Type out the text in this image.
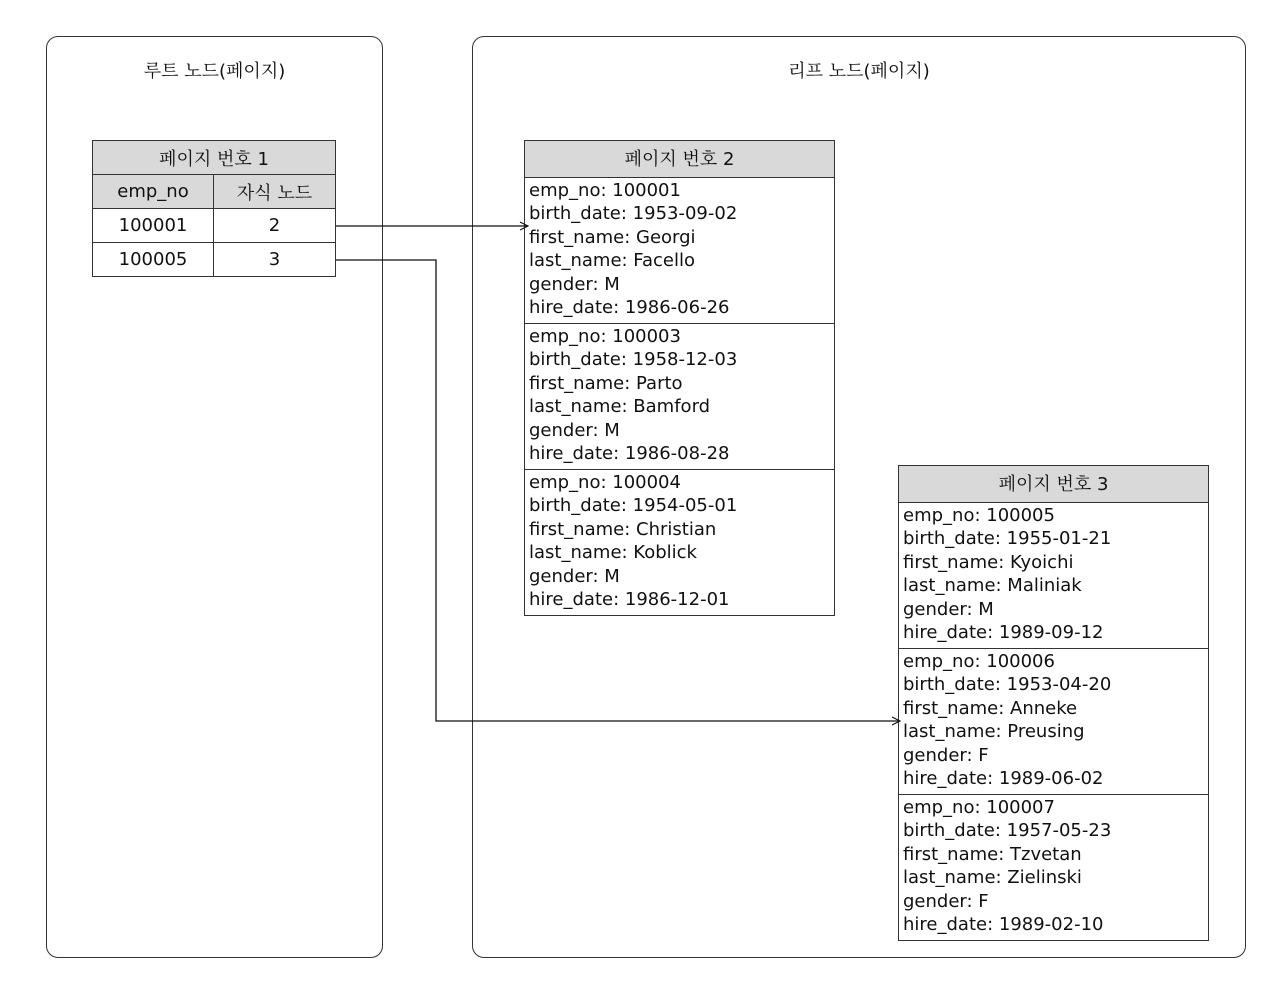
루트 노드(페이지)	리프 노드(페이지)
페이지 번호 1	
emp_no	자식 노드
100001	2
100005	3
페이지 번호 2
emp_no: 100001
birth_date: 1953-09-02
first_name: Georgi
last_name: Facello
gender: M
hire_date: 1986-06-26
emp_no: 100003
birth_date: 1958-12-03
first_name: Parto
last_name: Bamford
gender: M
hire_date: 1986-08-28
emp_no: 100004
birth_date: 1954-05-01
first_name: Christian
last_name: Koblick
gender: M
hire_date: 1986-12-01
페이지 번호 3
emp_no: 100005
birth_date: 1955-01-21
first_name: Kyoichi
last_name: Maliniak
gender: M
hire_date: 1989-09-12
emp_no: 100006
birth_date: 1953-04-20
first_name: Anneke
last_name: Preusing
gender: F
hire_date: 1989-06-02
emp_no: 100007
birth_date: 1957-05-23
first_name: Tzvetan
last_name: Zielinski
gender: F
hire_date: 1989-02-10
